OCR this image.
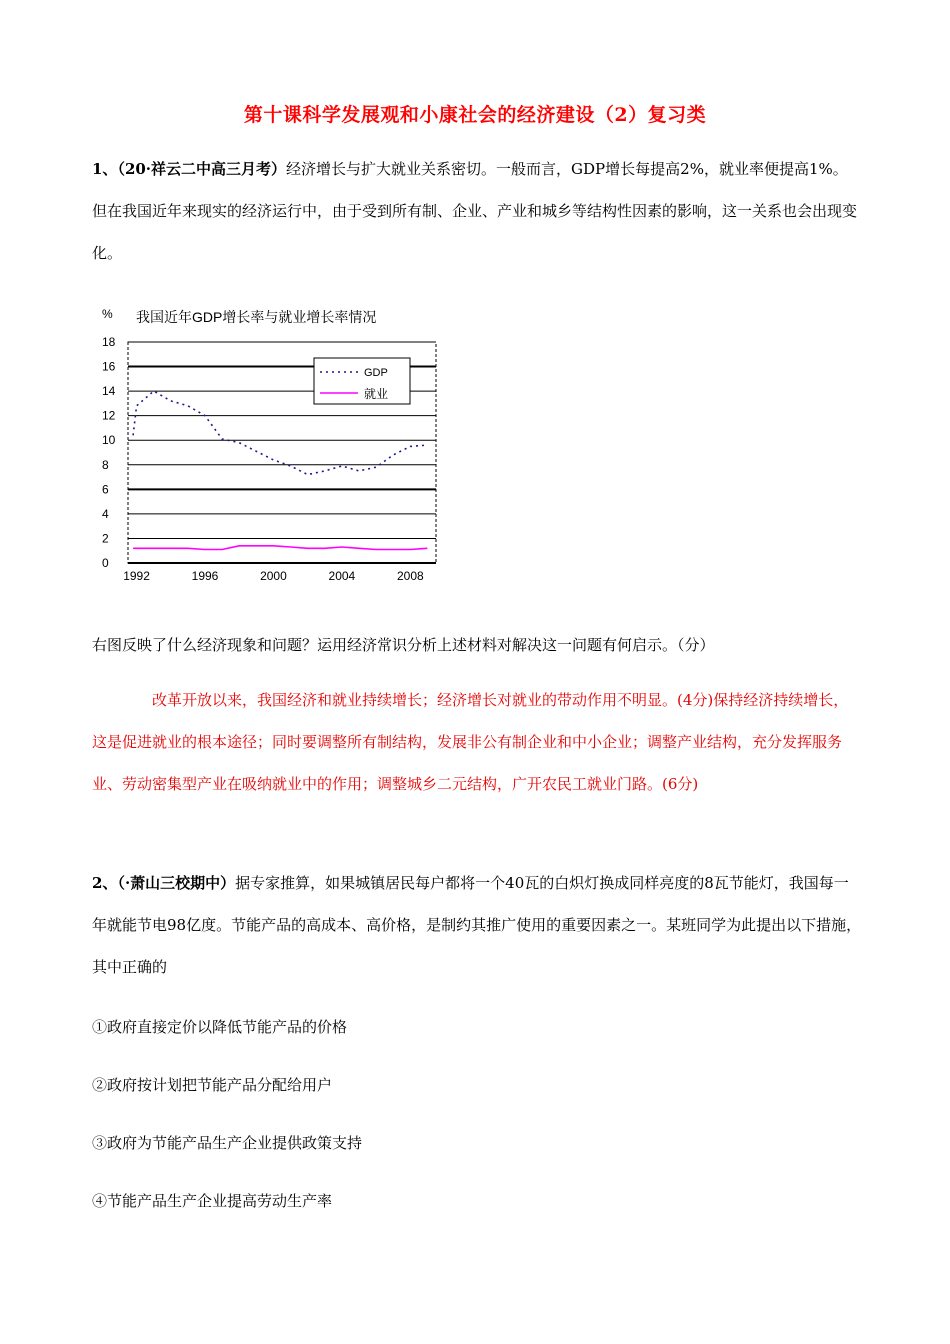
第十课科学发展观和小康社会的经济建设（2）复习类
1、（20·祥云二中高三月考）经济增长与扩大就业关系密切。一般而言，GDP增长每提高2%，就业率便提高1%。但在我国近年来现实的经济运行中，由于受到所有制、企业、产业和城乡等结构性因素的影响，这一关系也会出现变化。
% 我国近年GDP增长率与就业增长率情况
0
2
4
6
8
10
12
14
16
18
1992	1996	2000	2004	2008
GDP
就业
右图反映了什么经济现象和问题？运用经济常识分析上述材料对解决这一问题有何启示。（分）
改革开放以来，我国经济和就业持续增长；经济增长对就业的带动作用不明显。(4分)保持经济持续增长，这是促进就业的根本途径；同时要调整所有制结构，发展非公有制企业和中小企业；调整产业结构，充分发挥服务业、劳动密集型产业在吸纳就业中的作用；调整城乡二元结构，广开农民工就业门路。(6分)
2、（·萧山三校期中）据专家推算，如果城镇居民每户都将一个40瓦的白炽灯换成同样亮度的8瓦节能灯，我国每一年就能节电98亿度。节能产品的高成本、高价格，是制约其推广使用的重要因素之一。某班同学为此提出以下措施，其中正确的
①政府直接定价以降低节能产品的价格
②政府按计划把节能产品分配给用户
③政府为节能产品生产企业提供政策支持
④节能产品生产企业提高劳动生产率
